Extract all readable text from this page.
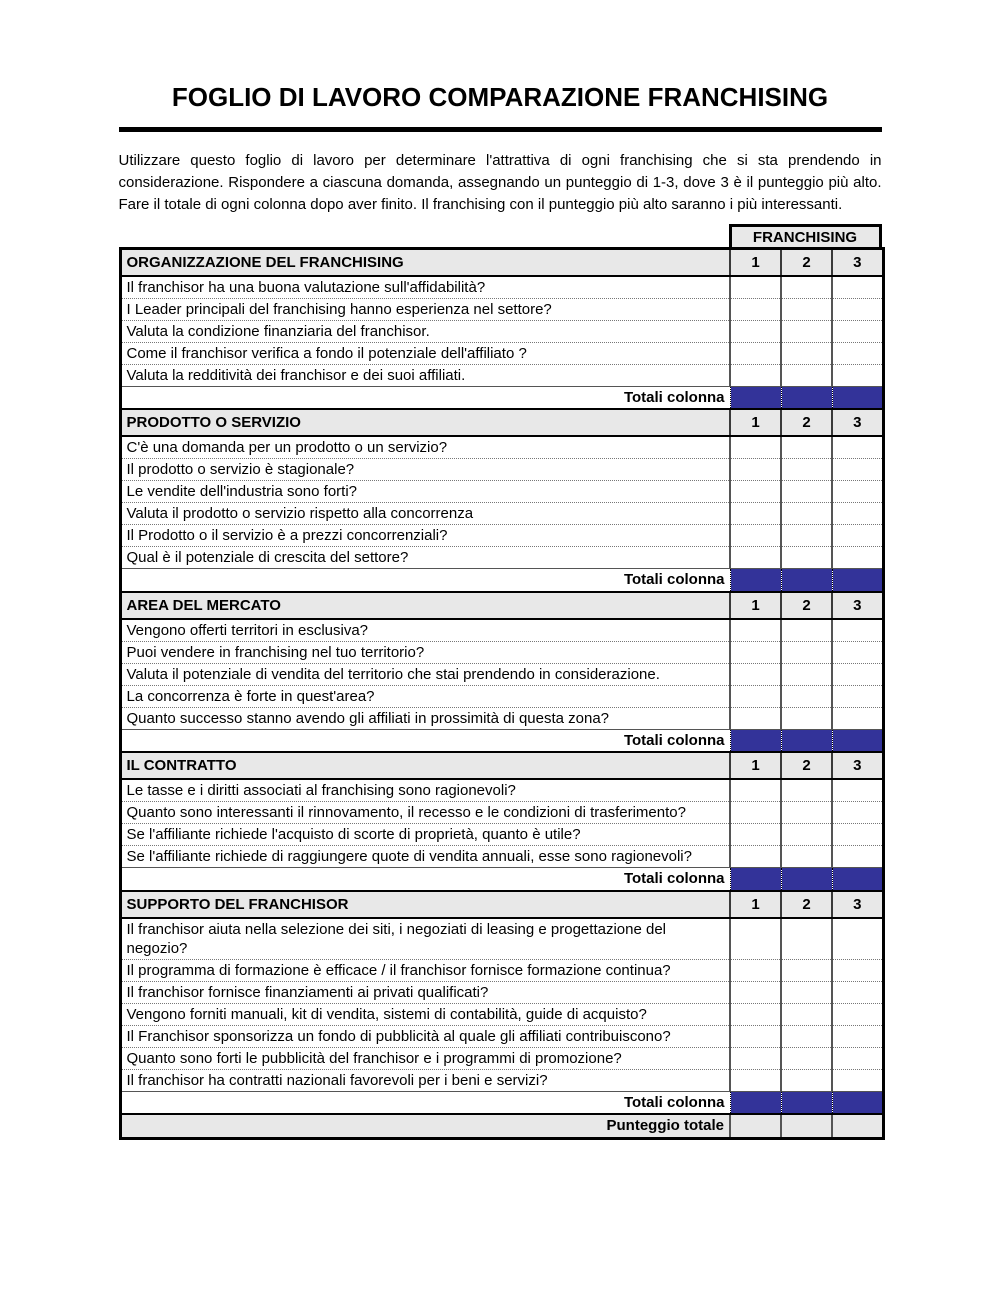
FOGLIO DI LAVORO COMPARAZIONE FRANCHISING

Utilizzare questo foglio di lavoro per determinare l'attrattiva di ogni franchising che si sta prendendo in considerazione. Rispondere a ciascuna domanda, assegnando un punteggio di 1-3, dove 3 è il punteggio più alto. Fare il totale di ogni colonna dopo aver finito. Il franchising con il punteggio più alto saranno i più interessanti.

FRANCHISING
ORGANIZZAZIONE DEL FRANCHISING	1	2	3
Il franchisor ha una buona valutazione sull'affidabilità?			
I Leader principali del franchising hanno esperienza nel settore?			
Valuta la condizione finanziaria del franchisor.			
Come il franchisor verifica a fondo il potenziale dell'affiliato ?			
Valuta la redditività dei franchisor e dei suoi affiliati.			
Totali colonna			
PRODOTTO O SERVIZIO	1	2	3
C'è una domanda per un prodotto o un servizio?			
Il prodotto o servizio è stagionale?			
Le vendite dell'industria sono forti?			
Valuta il prodotto o servizio rispetto alla concorrenza			
Il Prodotto o il servizio è a prezzi concorrenziali?			
Qual è il potenziale di crescita del settore?			
Totali colonna			
AREA DEL MERCATO	1	2	3
Vengono offerti territori in esclusiva?			
Puoi vendere in franchising nel tuo territorio?			
Valuta il potenziale di vendita del territorio che stai prendendo in considerazione.			
La concorrenza è forte in quest'area?			
Quanto successo stanno avendo gli affiliati in prossimità di questa zona?			
Totali colonna			
IL CONTRATTO	1	2	3
Le tasse e i diritti associati al franchising sono ragionevoli?			
Quanto sono interessanti il rinnovamento, il recesso e le condizioni di trasferimento?			
Se l'affiliante richiede l'acquisto di scorte di proprietà, quanto è utile?			
Se l'affiliante richiede di raggiungere quote di vendita annuali, esse sono ragionevoli?			
Totali colonna			
SUPPORTO DEL FRANCHISOR	1	2	3
Il franchisor aiuta nella selezione dei siti, i negoziati di leasing e progettazione del negozio?			
Il programma di formazione è efficace / il franchisor fornisce formazione continua?			
Il franchisor fornisce finanziamenti ai privati qualificati?			
Vengono forniti manuali, kit di vendita, sistemi di contabilità, guide di acquisto?			
Il Franchisor sponsorizza un fondo di pubblicità al quale gli affiliati contribuiscono?			
Quanto sono forti le pubblicità del franchisor e i programmi di promozione?			
Il franchisor ha contratti nazionali favorevoli per i beni e servizi?			
Totali colonna			
Punteggio totale			
